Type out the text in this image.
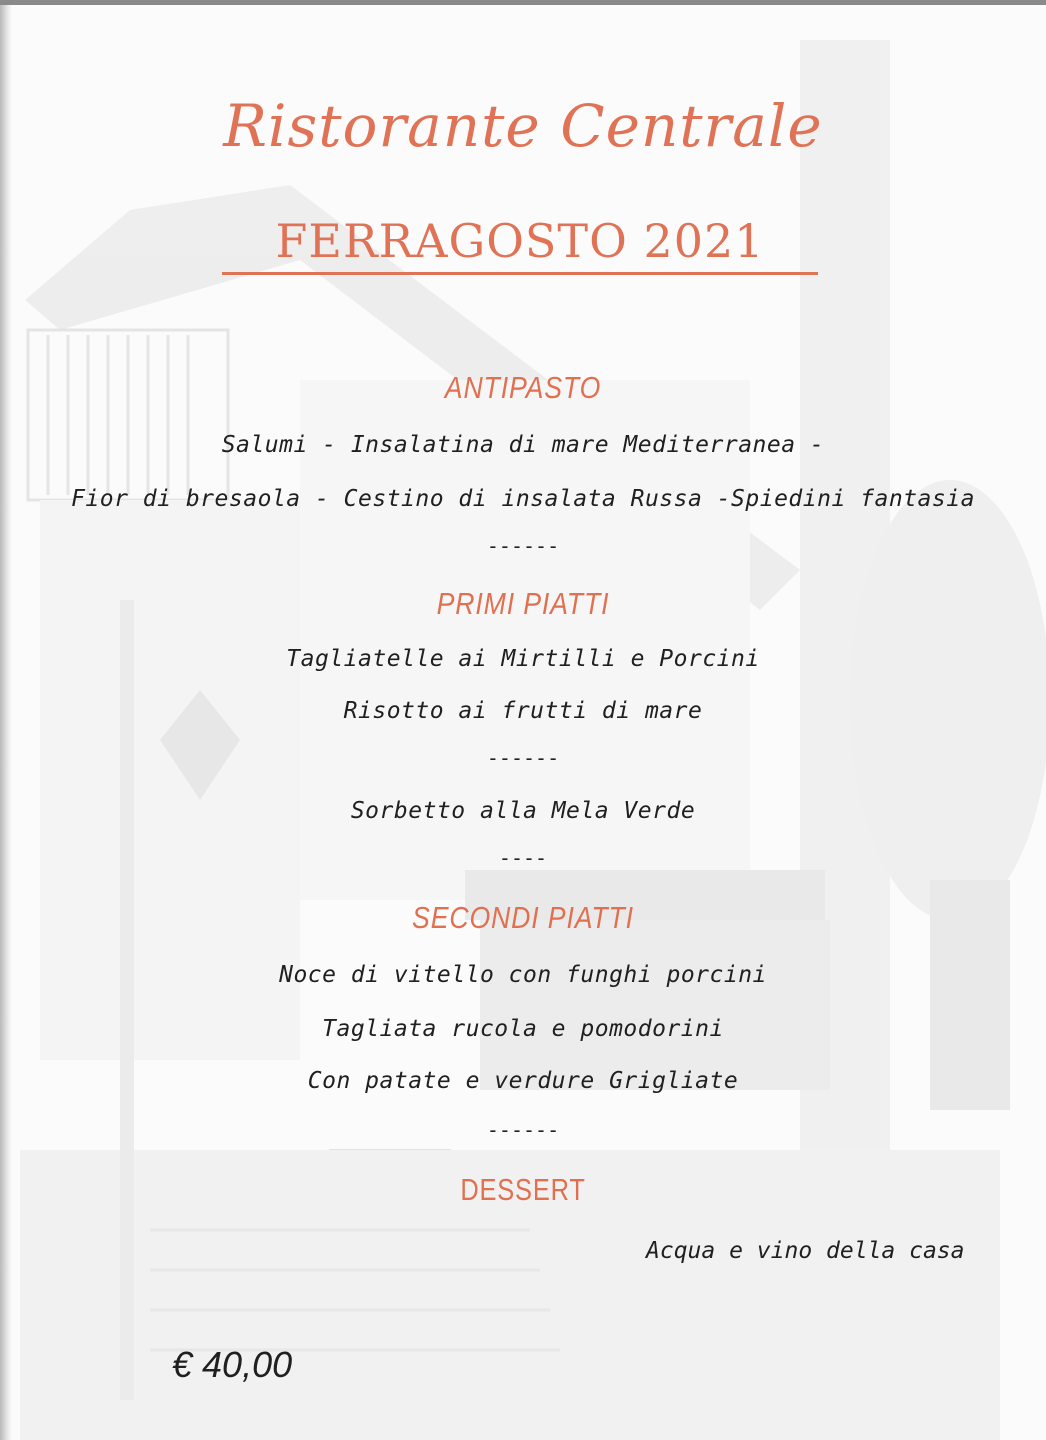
Ristorante Centrale
FERRAGOSTO 2021
ANTIPASTO
Salumi - Insalatina di mare Mediterranea -
Fior di bresaola - Cestino di insalata Russa -Spiedini fantasia
------
PRIMI PIATTI
Tagliatelle ai Mirtilli e Porcini
Risotto ai frutti di mare
------
Sorbetto alla Mela Verde
----
SECONDI PIATTI
Noce di vitello con funghi porcini
Tagliata rucola e pomodorini
Con patate e verdure Grigliate
------
DESSERT
Acqua e vino della casa
€ 40,00
